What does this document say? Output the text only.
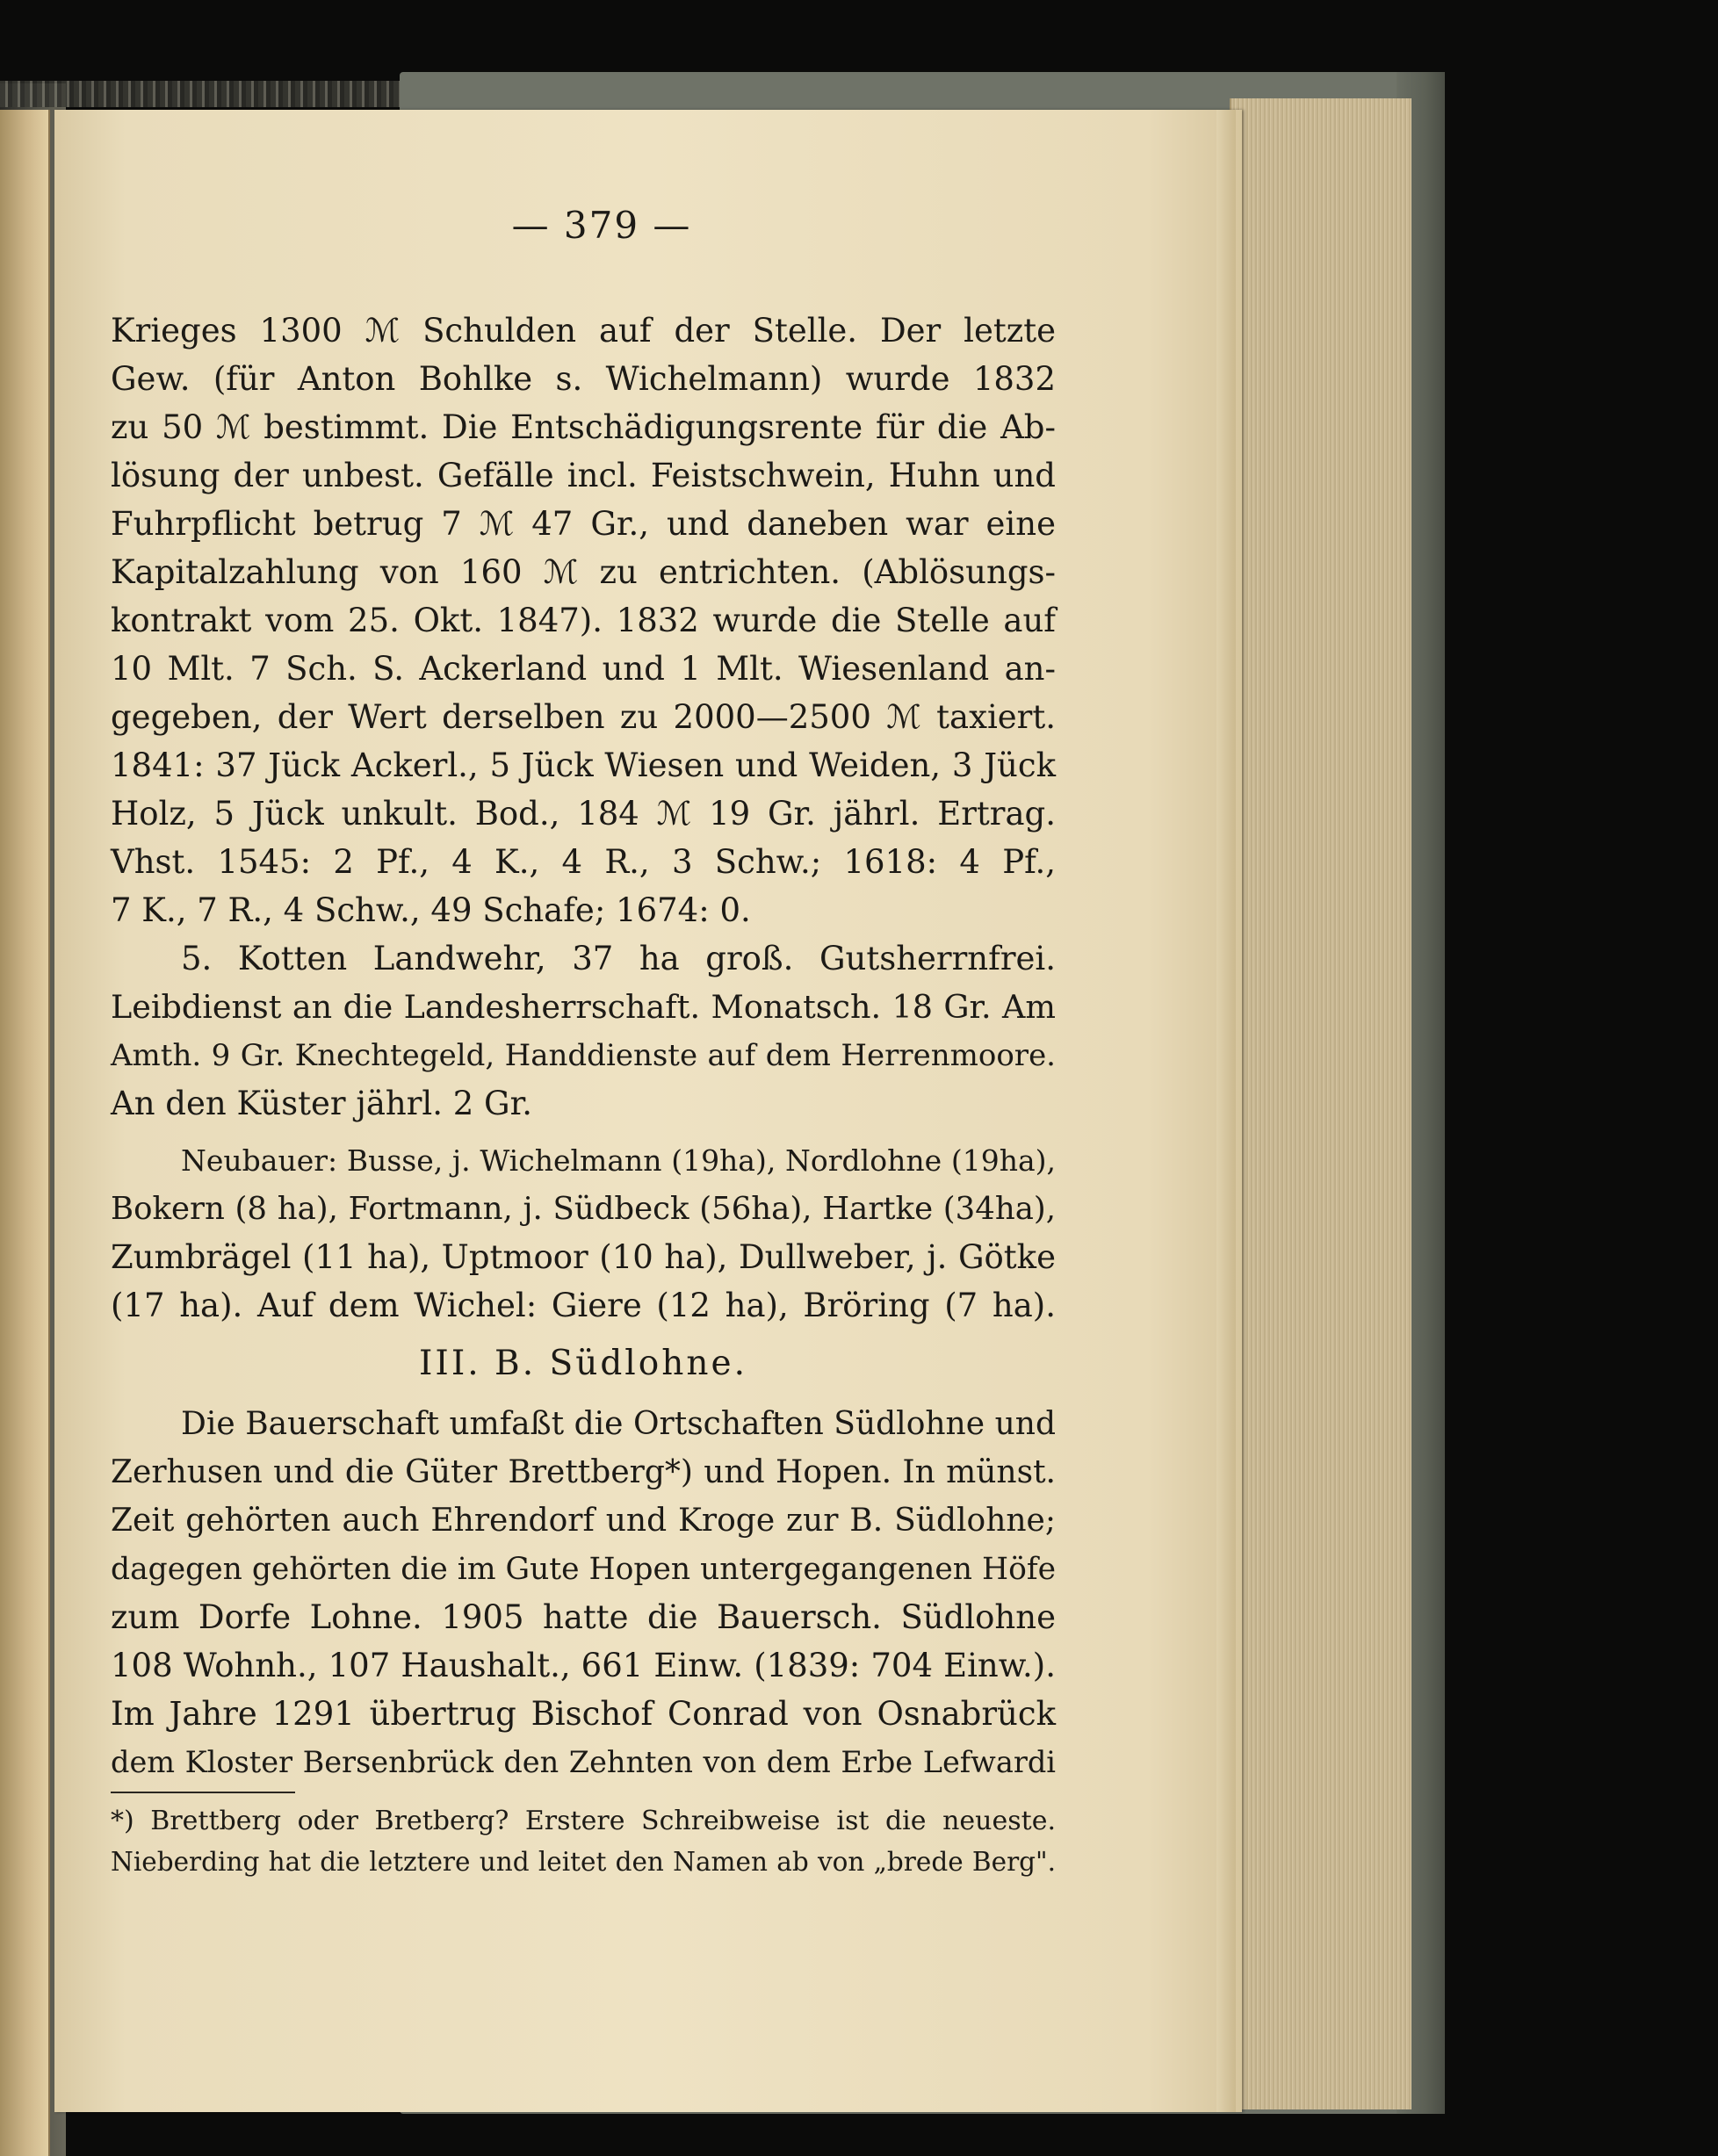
— 379 —
Krieges 1300 ℳ Schulden auf der Stelle. Der letzte
Gew. (für Anton Bohlke s. Wichelmann) wurde 1832
zu 50 ℳ bestimmt. Die Entschädigungsrente für die Ab-
lösung der unbest. Gefälle incl. Feistschwein, Huhn und
Fuhrpflicht betrug 7 ℳ 47 Gr., und daneben war eine
Kapitalzahlung von 160 ℳ zu entrichten. (Ablösungs-
kontrakt vom 25. Okt. 1847). 1832 wurde die Stelle auf
10 Mlt. 7 Sch. S. Ackerland und 1 Mlt. Wiesenland an-
gegeben, der Wert derselben zu 2000—2500 ℳ taxiert.
1841: 37 Jück Ackerl., 5 Jück Wiesen und Weiden, 3 Jück
Holz, 5 Jück unkult. Bod., 184 ℳ 19 Gr. jährl. Ertrag.
Vhst. 1545: 2 Pf., 4 K., 4 R., 3 Schw.; 1618: 4 Pf.,
7 K., 7 R., 4 Schw., 49 Schafe; 1674: 0.
5. Kotten Landwehr, 37 ha groß. Gutsherrnfrei.
Leibdienst an die Landesherrschaft. Monatsch. 18 Gr. Am
Amth. 9 Gr. Knechtegeld, Handdienste auf dem Herrenmoore.
An den Küster jährl. 2 Gr.
Neubauer: Busse, j. Wichelmann (19ha), Nordlohne (19ha),
Bokern (8 ha), Fortmann, j. Südbeck (56ha), Hartke (34ha),
Zumbrägel (11 ha), Uptmoor (10 ha), Dullweber, j. Götke
(17 ha). Auf dem Wichel: Giere (12 ha), Bröring (7 ha).
III. B. Südlohne.
Die Bauerschaft umfaßt die Ortschaften Südlohne und
Zerhusen und die Güter Brettberg*) und Hopen. In münst.
Zeit gehörten auch Ehrendorf und Kroge zur B. Südlohne;
dagegen gehörten die im Gute Hopen untergegangenen Höfe
zum Dorfe Lohne. 1905 hatte die Bauersch. Südlohne
108 Wohnh., 107 Haushalt., 661 Einw. (1839: 704 Einw.).
Im Jahre 1291 übertrug Bischof Conrad von Osnabrück
dem Kloster Bersenbrück den Zehnten von dem Erbe Lefwardi
*) Brettberg oder Bretberg? Erstere Schreibweise ist die neueste.
Nieberding hat die letztere und leitet den Namen ab von „brede Berg".
